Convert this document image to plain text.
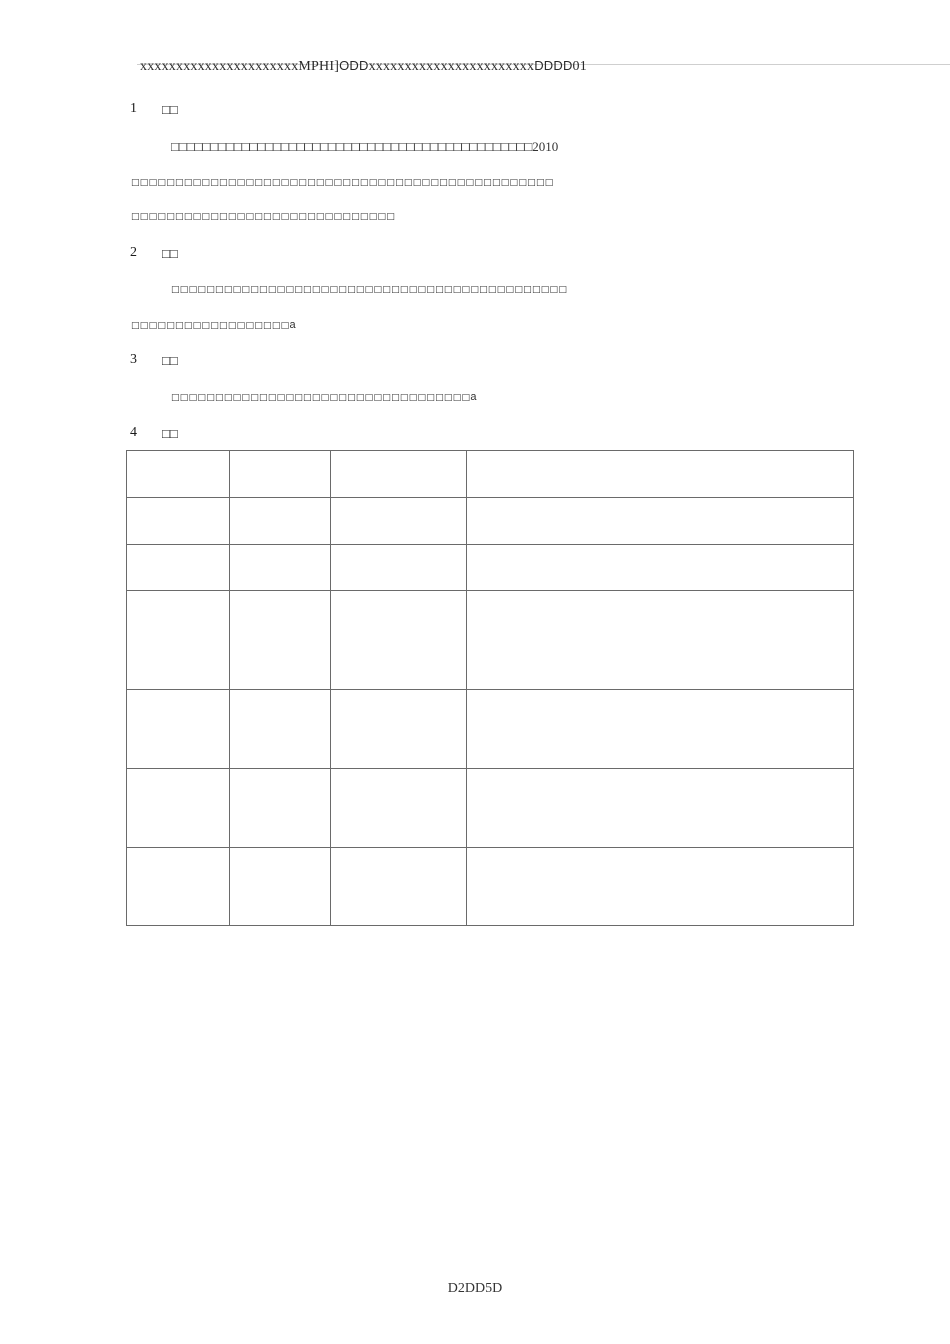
xxxxxxxxxxxxxxxxxxxxxxMPHI]ODDxxxxxxxxxxxxxxxxxxxxxxxDDDD01
1 □□
□□□□□□□□□□□□□□□□□□□□□□□□□□□□□□□□□□□□□□□□□□□□□□2010
□□□□□□□□□□□□□□□□□□□□□□□□□□□□□□□□□□□□□□□□□□□□□□□□
□□□□□□□□□□□□□□□□□□□□□□□□□□□□□□
2 □□
□□□□□□□□□□□□□□□□□□□□□□□□□□□□□□□□□□□□□□□□□□□□□
□□□□□□□□□□□□□□□□□□a
3 □□
□□□□□□□□□□□□□□□□□□□□□□□□□□□□□□□□□□a
4 □□

D2DD5D
